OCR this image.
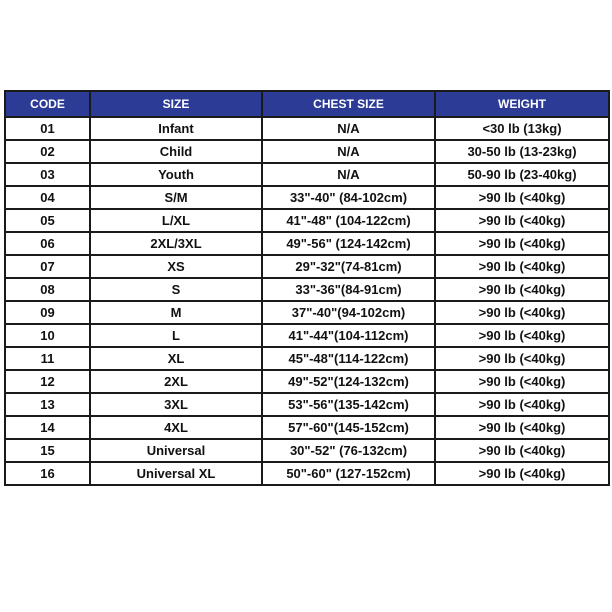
CODE	SIZE	CHEST SIZE	WEIGHT
01	Infant	N/A	<30 lb (13kg)
02	Child	N/A	30-50 lb (13-23kg)
03	Youth	N/A	50-90 lb (23-40kg)
04	S/M	33"-40" (84-102cm)	>90 lb (<40kg)
05	L/XL	41"-48" (104-122cm)	>90 lb (<40kg)
06	2XL/3XL	49"-56" (124-142cm)	>90 lb (<40kg)
07	XS	29"-32"(74-81cm)	>90 lb (<40kg)
08	S	33"-36"(84-91cm)	>90 lb (<40kg)
09	M	37"-40"(94-102cm)	>90 lb (<40kg)
10	L	41"-44"(104-112cm)	>90 lb (<40kg)
11	XL	45"-48"(114-122cm)	>90 lb (<40kg)
12	2XL	49"-52"(124-132cm)	>90 lb (<40kg)
13	3XL	53"-56"(135-142cm)	>90 lb (<40kg)
14	4XL	57"-60"(145-152cm)	>90 lb (<40kg)
15	Universal	30"-52" (76-132cm)	>90 lb (<40kg)
16	Universal XL	50"-60" (127-152cm)	>90 lb (<40kg)
